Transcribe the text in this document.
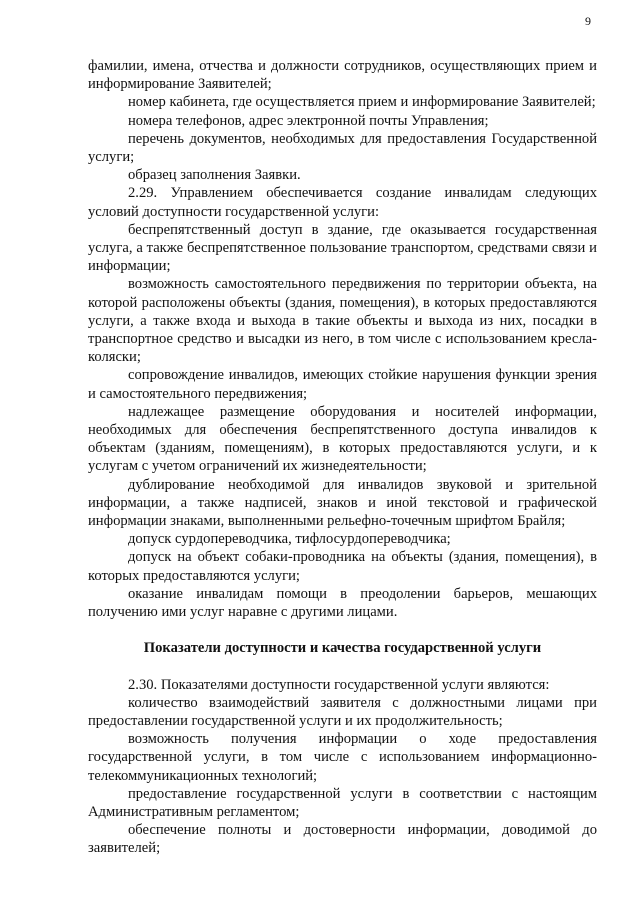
9

фамилии, имена, отчества и должности сотрудников, осуществляющих прием и информирование Заявителей;

номер кабинета, где осуществляется прием и информирование Заявителей;

номера телефонов, адрес электронной почты Управления;

перечень документов, необходимых для предоставления Государственной услуги;

образец заполнения Заявки.

2.29. Управлением обеспечивается создание инвалидам следующих условий доступности государственной услуги:

беспрепятственный доступ в здание, где оказывается государственная услуга, а также беспрепятственное пользование транспортом, средствами связи и информации;

возможность самостоятельного передвижения по территории объекта, на которой расположены объекты (здания, помещения), в которых предоставляются услуги, а также входа и выхода в такие объекты и выхода из них, посадки в транспортное средство и высадки из него, в том числе с использованием кресла-коляски;

сопровождение инвалидов, имеющих стойкие нарушения функции зрения и самостоятельного передвижения;

надлежащее размещение оборудования и носителей информации, необходимых для обеспечения беспрепятственного доступа инвалидов к объектам (зданиям, помещениям), в которых предоставляются услуги, и к услугам с учетом ограничений их жизнедеятельности;

дублирование необходимой для инвалидов звуковой и зрительной информации, а также надписей, знаков и иной текстовой и графической информации знаками, выполненными рельефно-точечным шрифтом Брайля;

допуск сурдопереводчика, тифлосурдопереводчика;

допуск на объект собаки-проводника на объекты (здания, помещения), в которых предоставляются услуги;

оказание инвалидам помощи в преодолении барьеров, мешающих получению ими услуг наравне с другими лицами.

Показатели доступности и качества государственной услуги

2.30. Показателями доступности государственной услуги являются:

количество взаимодействий заявителя с должностными лицами при предоставлении государственной услуги и их продолжительность;

возможность получения информации о ходе предоставления государственной услуги, в том числе с использованием информационно-телекоммуникационных технологий;

предоставление государственной услуги в соответствии с настоящим Административным регламентом;

обеспечение полноты и достоверности информации, доводимой до заявителей;
